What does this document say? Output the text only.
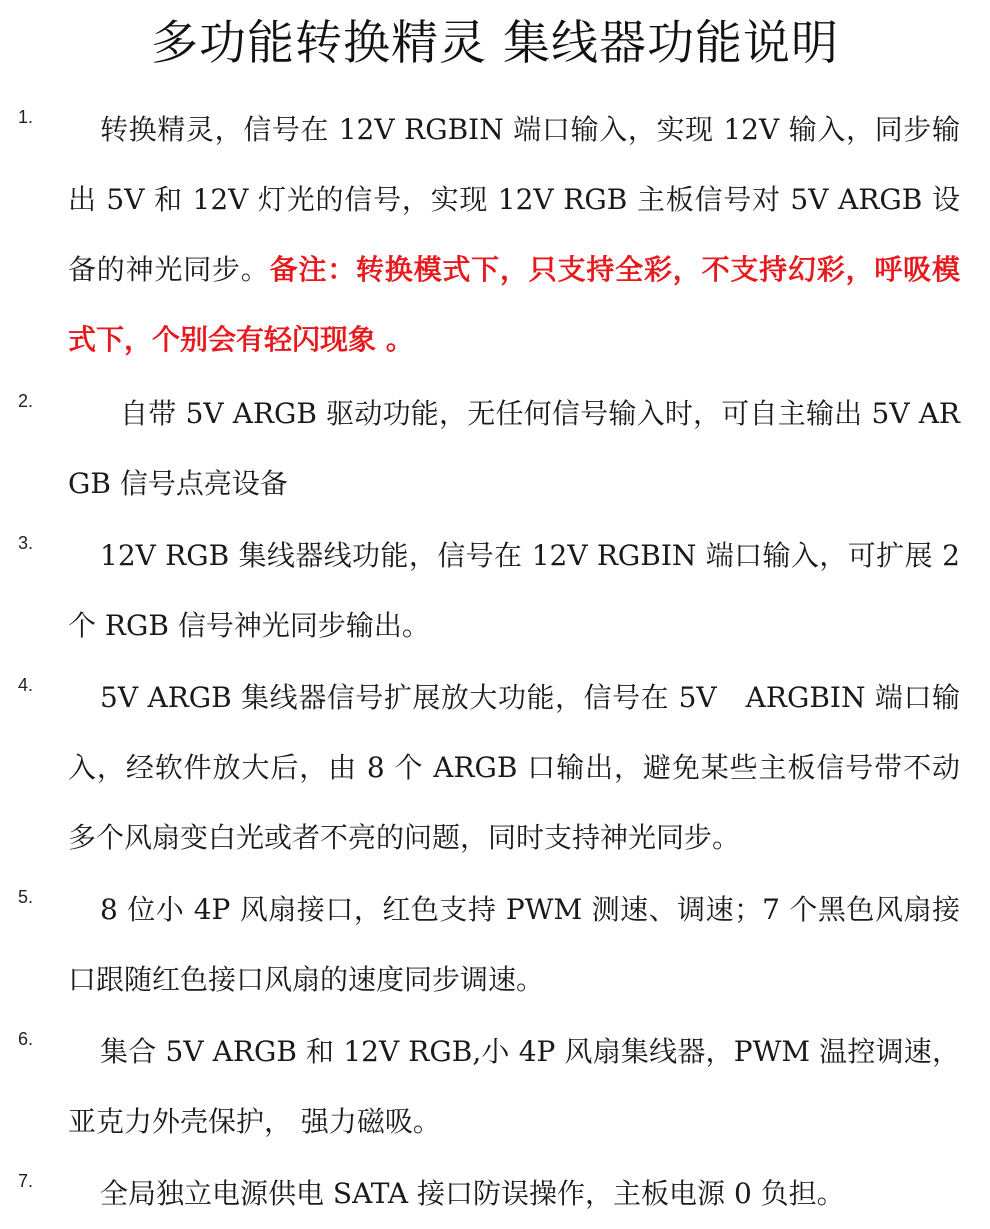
多功能转换精灵 集线器功能说明
1.	转换精灵，信号在 12V RGBIN 端口输入，实现 12V 输入，同步输出 5V 和 12V 灯光的信号，实现 12V RGB 主板信号对 5V ARGB 设备的神光同步。备注：转换模式下，只支持全彩，不支持幻彩，呼吸模式下，个别会有轻闪现象 。
2.	自带 5V ARGB 驱动功能，无任何信号输入时，可自主输出 5V ARGB 信号点亮设备
3.	12V RGB 集线器线功能，信号在 12V RGBIN 端口输入，可扩展 2 个 RGB 信号神光同步输出。
4.	5V ARGB 集线器信号扩展放大功能，信号在 5V　ARGBIN 端口输入，经软件放大后，由 8 个 ARGB 口输出，避免某些主板信号带不动多个风扇变白光或者不亮的问题，同时支持神光同步。
5.	8 位小 4P 风扇接口，红色支持 PWM 测速、调速；7 个黑色风扇接口跟随红色接口风扇的速度同步调速。
6.	集合 5V ARGB 和 12V RGB,小 4P 风扇集线器，PWM 温控调速，亚克力外壳保护， 强力磁吸。
7.	全局独立电源供电 SATA 接口防误操作，主板电源 0 负担。
